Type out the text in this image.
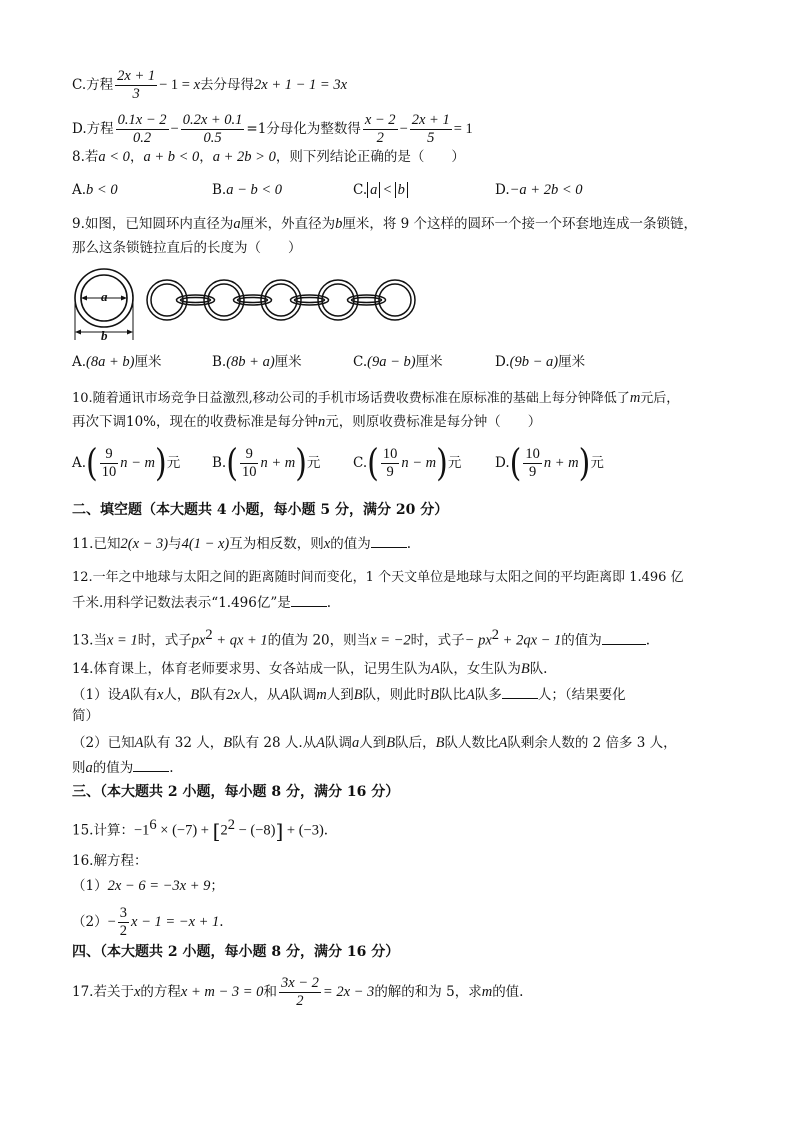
C.方程 $\frac{2x + 1}{3} - 1 = x$去分母得2x + 1 − 1 = 3x
D.方程 $\frac{0.1x - 2}{0.2} - \frac{0.2x + 0.1}{0.5} =1$分母化为整数得 $\frac{x - 2}{2} - \frac{2x + 1}{5} = 1$
8.若a < 0，a + b < 0，a + 2b > 0，则下列结论正确的是（　　）
A.b < 0	B.a − b < 0	C. a < b	D.−a + 2b < 0
9.如图，已知圆环内直径为a厘米，外直径为b厘米，将 9 个这样的圆环一个接一个环套地连成一条锁链，
那么这条锁链拉直后的长度为（　　）
a
b
A.(8a + b)厘米	B.(8b + a)厘米	C.(9a − b)厘米	D.(9b − a)厘米
10.随着通讯市场竞争日益激烈,移动公司的手机市场话费收费标准在原标准的基础上每分钟降低了m元后，
再次下调10%，现在的收费标准是每分钟n元，则原收费标准是每分钟（　　）
$A.( \frac{9}{10}$ n − m)元 $B.( \frac{9}{10}$ n + m)元 $C.( \frac{10}{9}$ n − m)元 $D.( \frac{10}{9}$ n + m)元
二、填空题（本大题共 4 小题，每小题 5 分，满分 20 分）
11.已知2(x − 3)与4(1 − x)互为相反数，则x的值为	.
12.一年之中地球与太阳之间的距离随时间而变化，1 个天文单位是地球与太阳之间的平均距离即 1.496 亿
千米.用科学记数法表示“1.496亿”是	.
13.当x = 1时，式子$px^2$ + qx + 1的值为 20，则当x = −2时，式子− $px^2 + 2qx - 1$的值为	.
14.体育课上，体育老师要求男、女各站成一队，记男生队为A队，女生队为B队.
（1）设A队有x人，B队有2x人，从A队调m人到B队，则此时B队比A队多	人；（结果要化
简）
（2）已知A队有 32 人，B队有 28 人.从A队调a人到B队后，B队人数比A队剩余人数的 2 倍多 3 人，
则a的值为	.
三、（本大题共 2 小题，每小题 8 分，满分 16 分）
15.计算：$-1^6 \times (-7) + [2^2 - (-8)] + (-3)$.
16.解方程：
（1）2x − 6 = −3x + 9；
$(2)- \frac{3}{2}$ x − 1 = −x + 1.
四、（本大题共 2 小题，每小题 8 分，满分 16 分）
17.若关于x的方程x + m − 3 = 0和 $\frac{3x - 2}{2} = 2x - 3$的解的和为 5，求m的值.
